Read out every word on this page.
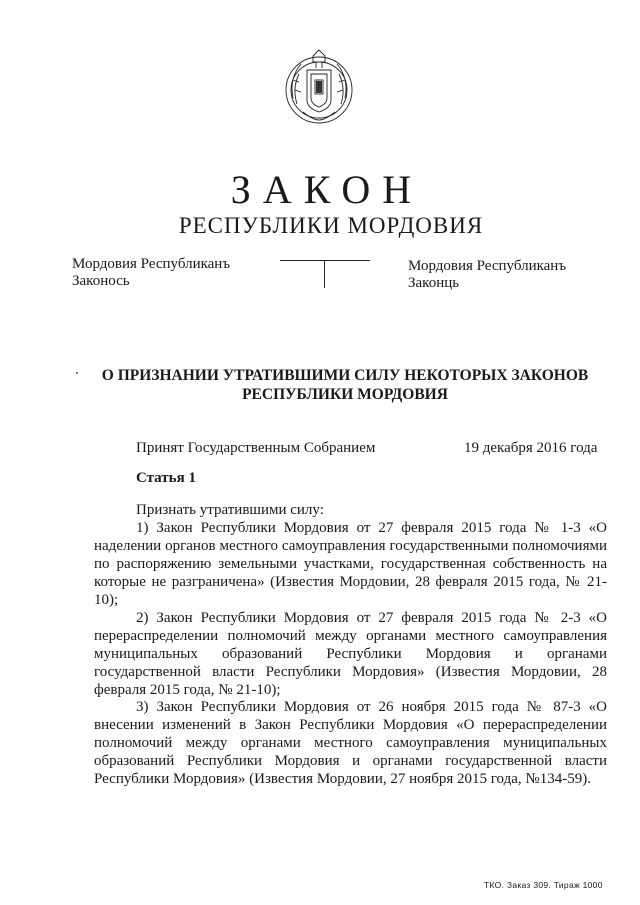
ЗАКОН
РЕСПУБЛИКИ МОРДОВИЯ
Мордовия Республиканъ
Законось
Мордовия Республиканъ
Законць
О ПРИЗНАНИИ УТРАТИВШИМИ СИЛУ НЕКОТОРЫХ ЗАКОНОВ
РЕСПУБЛИКИ МОРДОВИЯ
Принят Государственным Собранием	19 декабря 2016 года
Статья 1
Признать утратившими силу:
1) Закон Республики Мордовия от 27 февраля 2015 года № 1-3 «О наделении органов местного самоуправления государственными полномочиями по распоряжению земельными участками, государственная собственность на которые не разграничена» (Известия Мордовии, 28 февраля 2015 года, № 21-10);
2) Закон Республики Мордовия от 27 февраля 2015 года № 2-3 «О перераспределении полномочий между органами местного самоуправления муниципальных образований Республики Мордовия и органами государственной власти Республики Мордовия» (Известия Мордовии, 28 февраля 2015 года, № 21-10);
3) Закон Республики Мордовия от 26 ноября 2015 года № 87-3 «О внесении изменений в Закон Республики Мордовия «О перераспределении полномочий между органами местного самоуправления муниципальных образований Республики Мордовия и органами государственной власти Республики Мордовия» (Известия Мордовии, 27 ноября 2015 года, №134-59).
ТКО. Заказ 309. Тираж 1000
